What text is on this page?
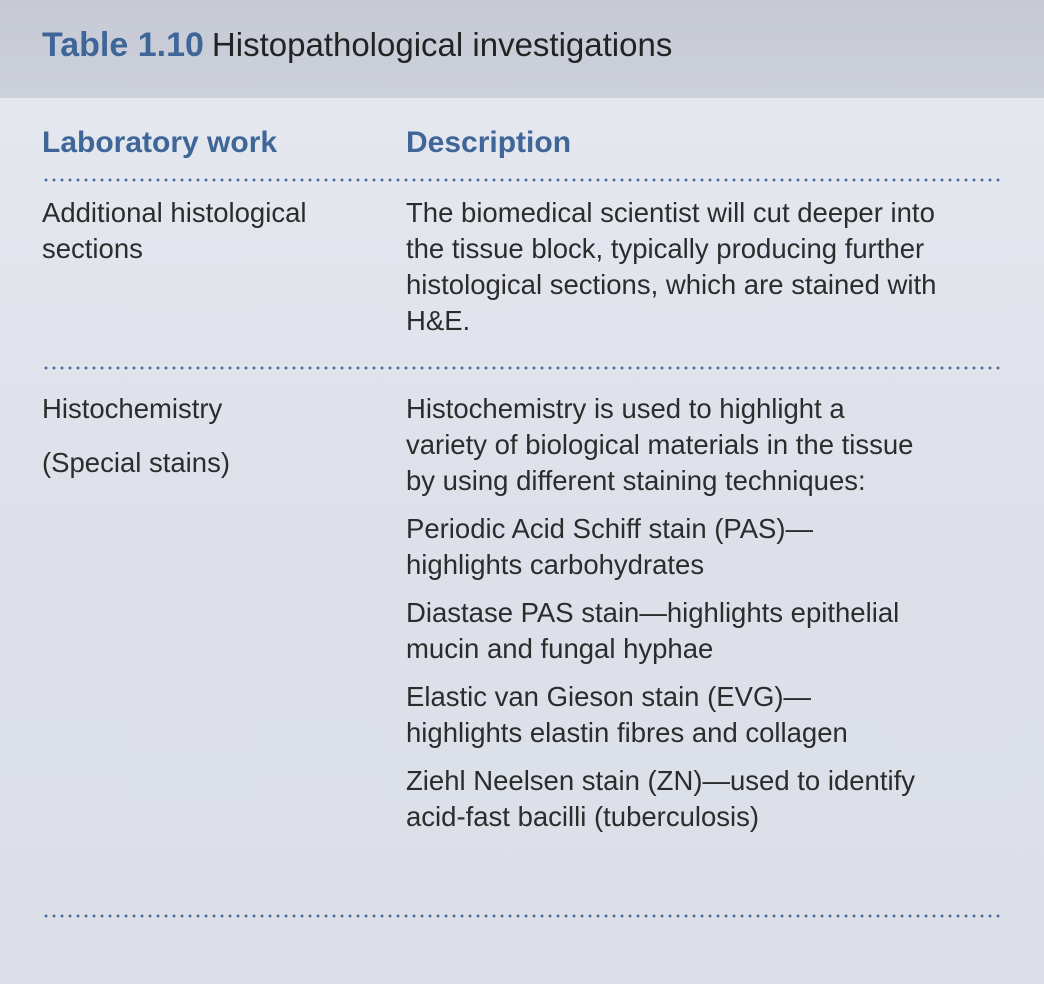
Table 1.10 Histopathological investigations
Laboratory work	Description

Additional histological sections

The biomedical scientist will cut deeper into the tissue block, typically producing further histological sections, which are stained with H&E.

Histochemistry

(Special stains)

Histochemistry is used to highlight a variety of biological materials in the tissue by using different staining techniques:

Periodic Acid Schiff stain (PAS)—highlights carbohydrates

Diastase PAS stain—highlights epithelial mucin and fungal hyphae

Elastic van Gieson stain (EVG)—highlights elastin fibres and collagen

Ziehl Neelsen stain (ZN)—used to identify acid-fast bacilli (tuberculosis)
